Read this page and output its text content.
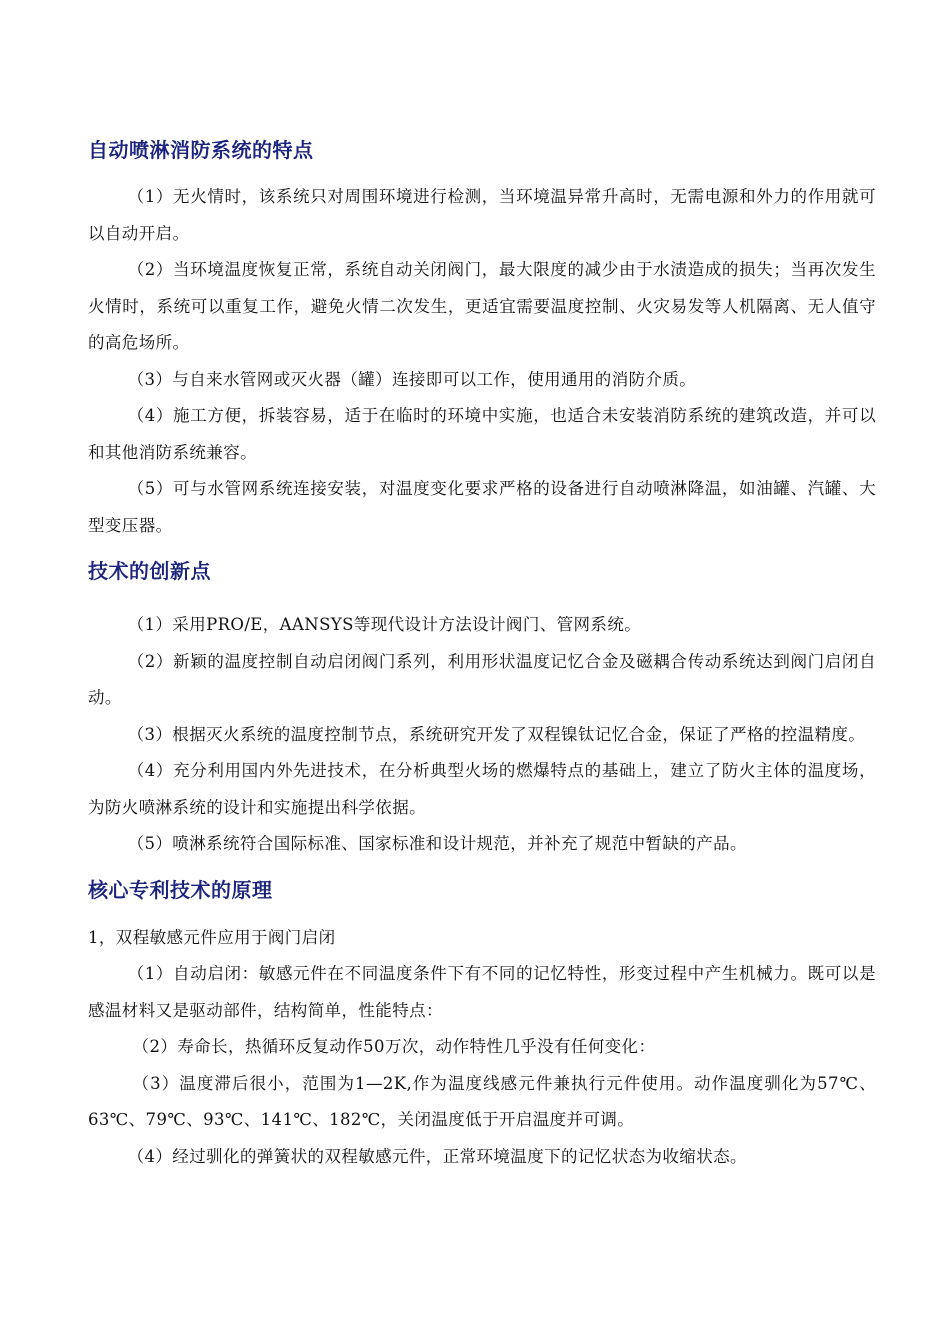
自动喷淋消防系统的特点

（1）无火情时，该系统只对周围环境进行检测，当环境温异常升高时，无需电源和外力的作用就可以自动开启。

（2）当环境温度恢复正常，系统自动关闭阀门，最大限度的减少由于水渍造成的损失；当再次发生火情时，系统可以重复工作，避免火情二次发生，更适宜需要温度控制、火灾易发等人机隔离、无人值守的高危场所。

（3）与自来水管网或灭火器（罐）连接即可以工作，使用通用的消防介质。

（4）施工方便，拆装容易，适于在临时的环境中实施，也适合未安装消防系统的建筑改造，并可以和其他消防系统兼容。

（5）可与水管网系统连接安装，对温度变化要求严格的设备进行自动喷淋降温，如油罐、汽罐、大型变压器。

技术的创新点

（1）采用PRO/E，AANSYS等现代设计方法设计阀门、管网系统。

（2）新颖的温度控制自动启闭阀门系列，利用形状温度记忆合金及磁耦合传动系统达到阀门启闭自动。

（3）根据灭火系统的温度控制节点，系统研究开发了双程镍钛记忆合金，保证了严格的控温精度。

（4）充分利用国内外先进技术，在分析典型火场的燃爆特点的基础上，建立了防火主体的温度场，为防火喷淋系统的设计和实施提出科学依据。

（5）喷淋系统符合国际标准、国家标准和设计规范，并补充了规范中暂缺的产品。

核心专利技术的原理

1，双程敏感元件应用于阀门启闭

（1）自动启闭：敏感元件在不同温度条件下有不同的记忆特性，形变过程中产生机械力。既可以是感温材料又是驱动部件，结构简单，性能特点：

（2）寿命长，热循环反复动作50万次，动作特性几乎没有任何变化：

（3）温度滞后很小，范围为1—2K,作为温度线感元件兼执行元件使用。动作温度驯化为57℃、63℃、79℃、93℃、141℃、182℃，关闭温度低于开启温度并可调。

（4）经过驯化的弹簧状的双程敏感元件，正常环境温度下的记忆状态为收缩状态。
